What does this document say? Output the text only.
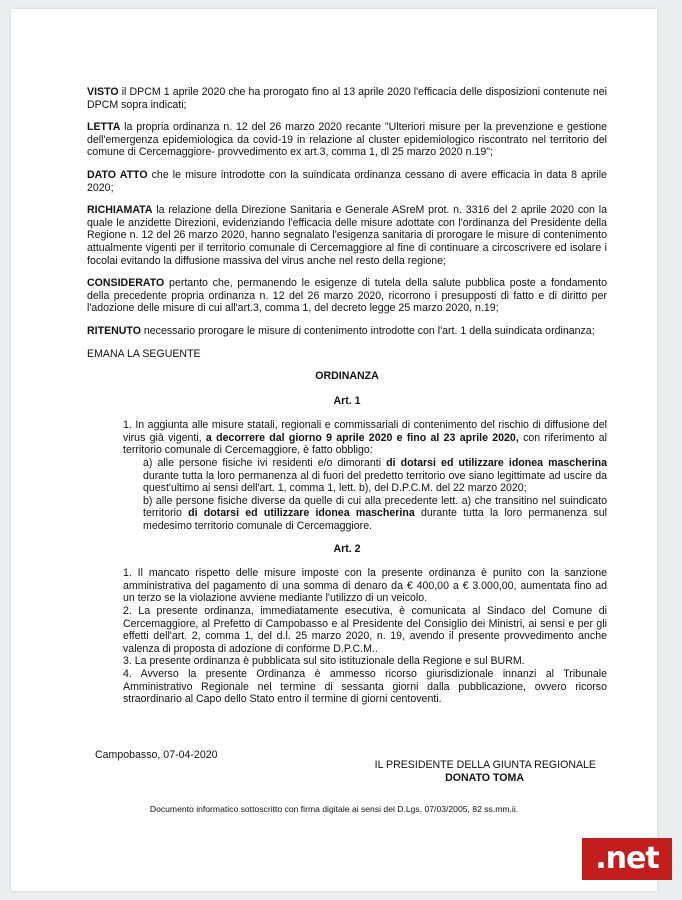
VISTO il DPCM 1 aprile 2020 che ha prorogato fino al 13 aprile 2020 l'efficacia delle disposizioni contenute nei DPCM sopra indicati;

LETTA la propria ordinanza n. 12 del 26 marzo 2020 recante "Ulteriori misure per la prevenzione e gestione dell'emergenza epidemiologica da covid-19 in relazione al cluster epidemiologico riscontrato nel territorio del comune di Cercemaggiore- provvedimento ex art.3, comma 1, dl 25 marzo 2020 n.19";

DATO ATTO che le misure introdotte con la suindicata ordinanza cessano di avere efficacia in data 8 aprile 2020;

RICHIAMATA la relazione della Direzione Sanitaria e Generale ASreM prot. n. 3316 del 2 aprile 2020 con la quale le anzidette Direzioni, evidenziando l'efficacia delle misure adottate con l'ordinanza del Presidente della Regione n. 12 del 26 marzo 2020, hanno segnalato l'esigenza sanitaria di prorogare le misure di contenimento attualmente vigenti per il territorio comunale di Cercemaggiore al fine di continuare a circoscrivere ed isolare i focolai evitando la diffusione massiva del virus anche nel resto della regione;

CONSIDERATO pertanto che, permanendo le esigenze di tutela della salute pubblica poste a fondamento della precedente propria ordinanza n. 12 del 26 marzo 2020, ricorrono i presupposti di fatto e di diritto per l'adozione delle misure di cui all'art.3, comma 1, del decreto legge 25 marzo 2020, n.19;

RITENUTO necessario prorogare le misure di contenimento introdotte con l'art. 1 della suindicata ordinanza;

EMANA LA SEGUENTE

ORDINANZA

Art. 1

1. In aggiunta alle misure statali, regionali e commissariali di contenimento del rischio di diffusione del virus già vigenti, a decorrere dal giorno 9 aprile 2020 e fino al 23 aprile 2020, con riferimento al territorio comunale di Cercemaggiore, è fatto obbligo:
a) alle persone fisiche ivi residenti e/o dimoranti di dotarsi ed utilizzare idonea mascherina durante tutta la loro permanenza al di fuori del predetto territorio ove siano legittimate ad uscire da quest'ultimo ai sensi dell'art. 1, comma 1, lett. b), del D.P.C.M. del 22 marzo 2020;
b) alle persone fisiche diverse da quelle di cui alla precedente lett. a) che transitino nel suindicato territorio di dotarsi ed utilizzare idonea mascherina durante tutta la loro permanenza sul medesimo territorio comunale di Cercemaggiore.

Art. 2

1. Il mancato rispetto delle misure imposte con la presente ordinanza è punito con la sanzione amministrativa del pagamento di una somma di denaro da € 400,00 a € 3.000,00, aumentata fino ad un terzo se la violazione avviene mediante l'utilizzo di un veicolo.
2. La presente ordinanza, immediatamente esecutiva, è comunicata al Sindaco del Comune di Cercemaggiore, al Prefetto di Campobasso e al Presidente del Consiglio dei Ministri, ai sensi e per gli effetti dell'art. 2, comma 1, del d.l. 25 marzo 2020, n. 19, avendo il presente provvedimento anche valenza di proposta di adozione di conforme D.P.C.M..
3. La presente ordinanza è pubblicata sul sito istituzionale della Regione e sul BURM.
4. Avverso la presente Ordinanza è ammesso ricorso giurisdizionale innanzi al Tribunale Amministrativo Regionale nel termine di sessanta giorni dalla pubblicazione, ovvero ricorso straordinario al Capo dello Stato entro il termine di giorni centoventi.
Campobasso, 07-04-2020
IL PRESIDENTE DELLA GIUNTA REGIONALE
DONATO TOMA
Documento informatico sottoscritto con firma digitale ai sensi del D.Lgs. 07/03/2005, 82 ss.mm.ii.
.net
